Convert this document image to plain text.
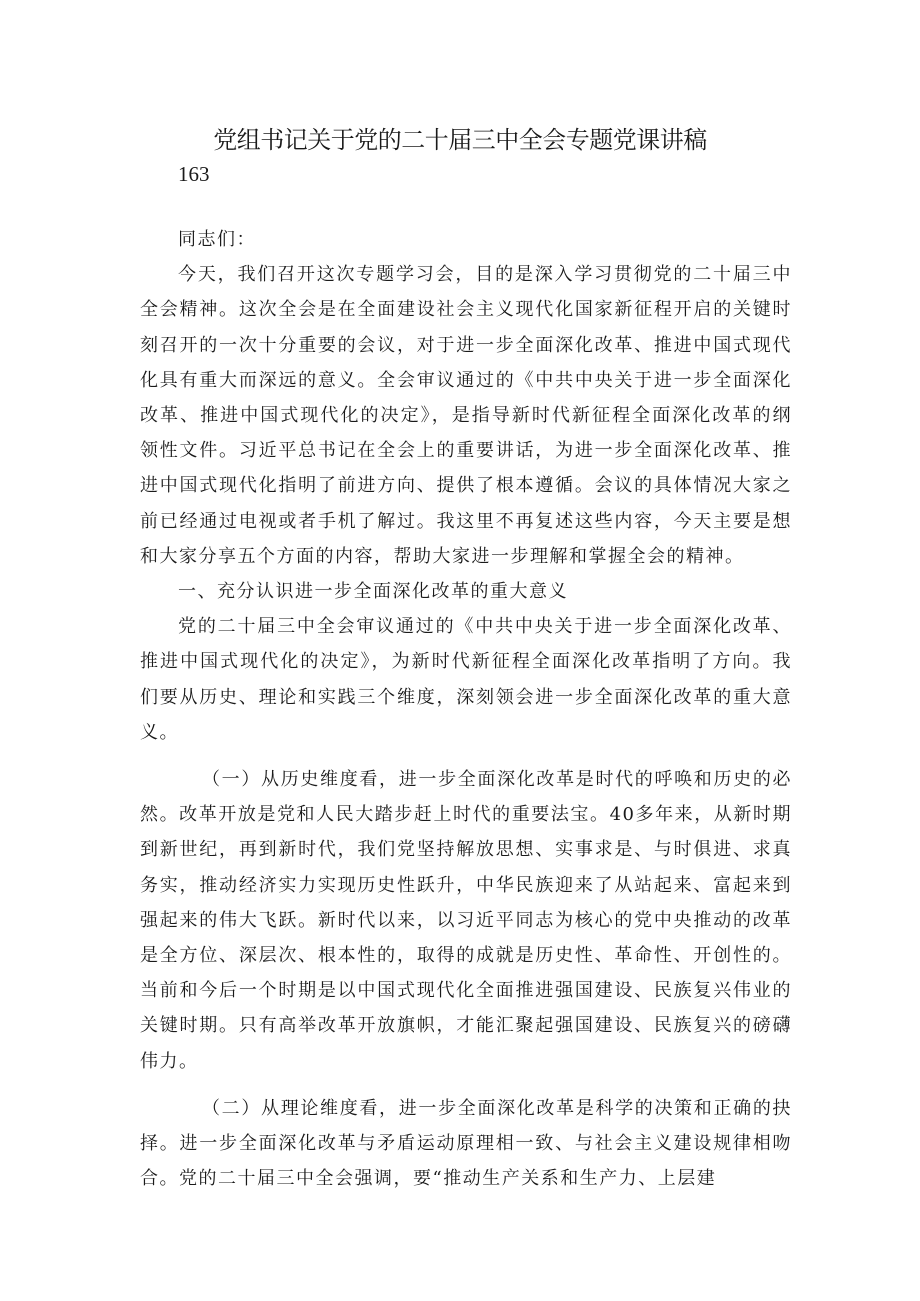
党组书记关于党的二十届三中全会专题党课讲稿

163

同志们：

今天，我们召开这次专题学习会，目的是深入学习贯彻党的二十届三中全会精神。这次全会是在全面建设社会主义现代化国家新征程开启的关键时刻召开的一次十分重要的会议，对于进一步全面深化改革、推进中国式现代化具有重大而深远的意义。全会审议通过的《中共中央关于进一步全面深化改革、推进中国式现代化的决定》，是指导新时代新征程全面深化改革的纲领性文件。习近平总书记在全会上的重要讲话，为进一步全面深化改革、推进中国式现代化指明了前进方向、提供了根本遵循。会议的具体情况大家之前已经通过电视或者手机了解过。我这里不再复述这些内容，今天主要是想和大家分享五个方面的内容，帮助大家进一步理解和掌握全会的精神。

一、充分认识进一步全面深化改革的重大意义

党的二十届三中全会审议通过的《中共中央关于进一步全面深化改革、推进中国式现代化的决定》，为新时代新征程全面深化改革指明了方向。我们要从历史、理论和实践三个维度，深刻领会进一步全面深化改革的重大意义。

（一）从历史维度看，进一步全面深化改革是时代的呼唤和历史的必然。改革开放是党和人民大踏步赶上时代的重要法宝。40多年来，从新时期到新世纪，再到新时代，我们党坚持解放思想、实事求是、与时俱进、求真务实，推动经济实力实现历史性跃升，中华民族迎来了从站起来、富起来到强起来的伟大飞跃。新时代以来，以习近平同志为核心的党中央推动的改革是全方位、深层次、根本性的，取得的成就是历史性、革命性、开创性的。当前和今后一个时期是以中国式现代化全面推进强国建设、民族复兴伟业的关键时期。只有高举改革开放旗帜，才能汇聚起强国建设、民族复兴的磅礴伟力。

（二）从理论维度看，进一步全面深化改革是科学的决策和正确的抉择。进一步全面深化改革与矛盾运动原理相一致、与社会主义建设规律相吻合。党的二十届三中全会强调，要“推动生产关系和生产力、上层建
